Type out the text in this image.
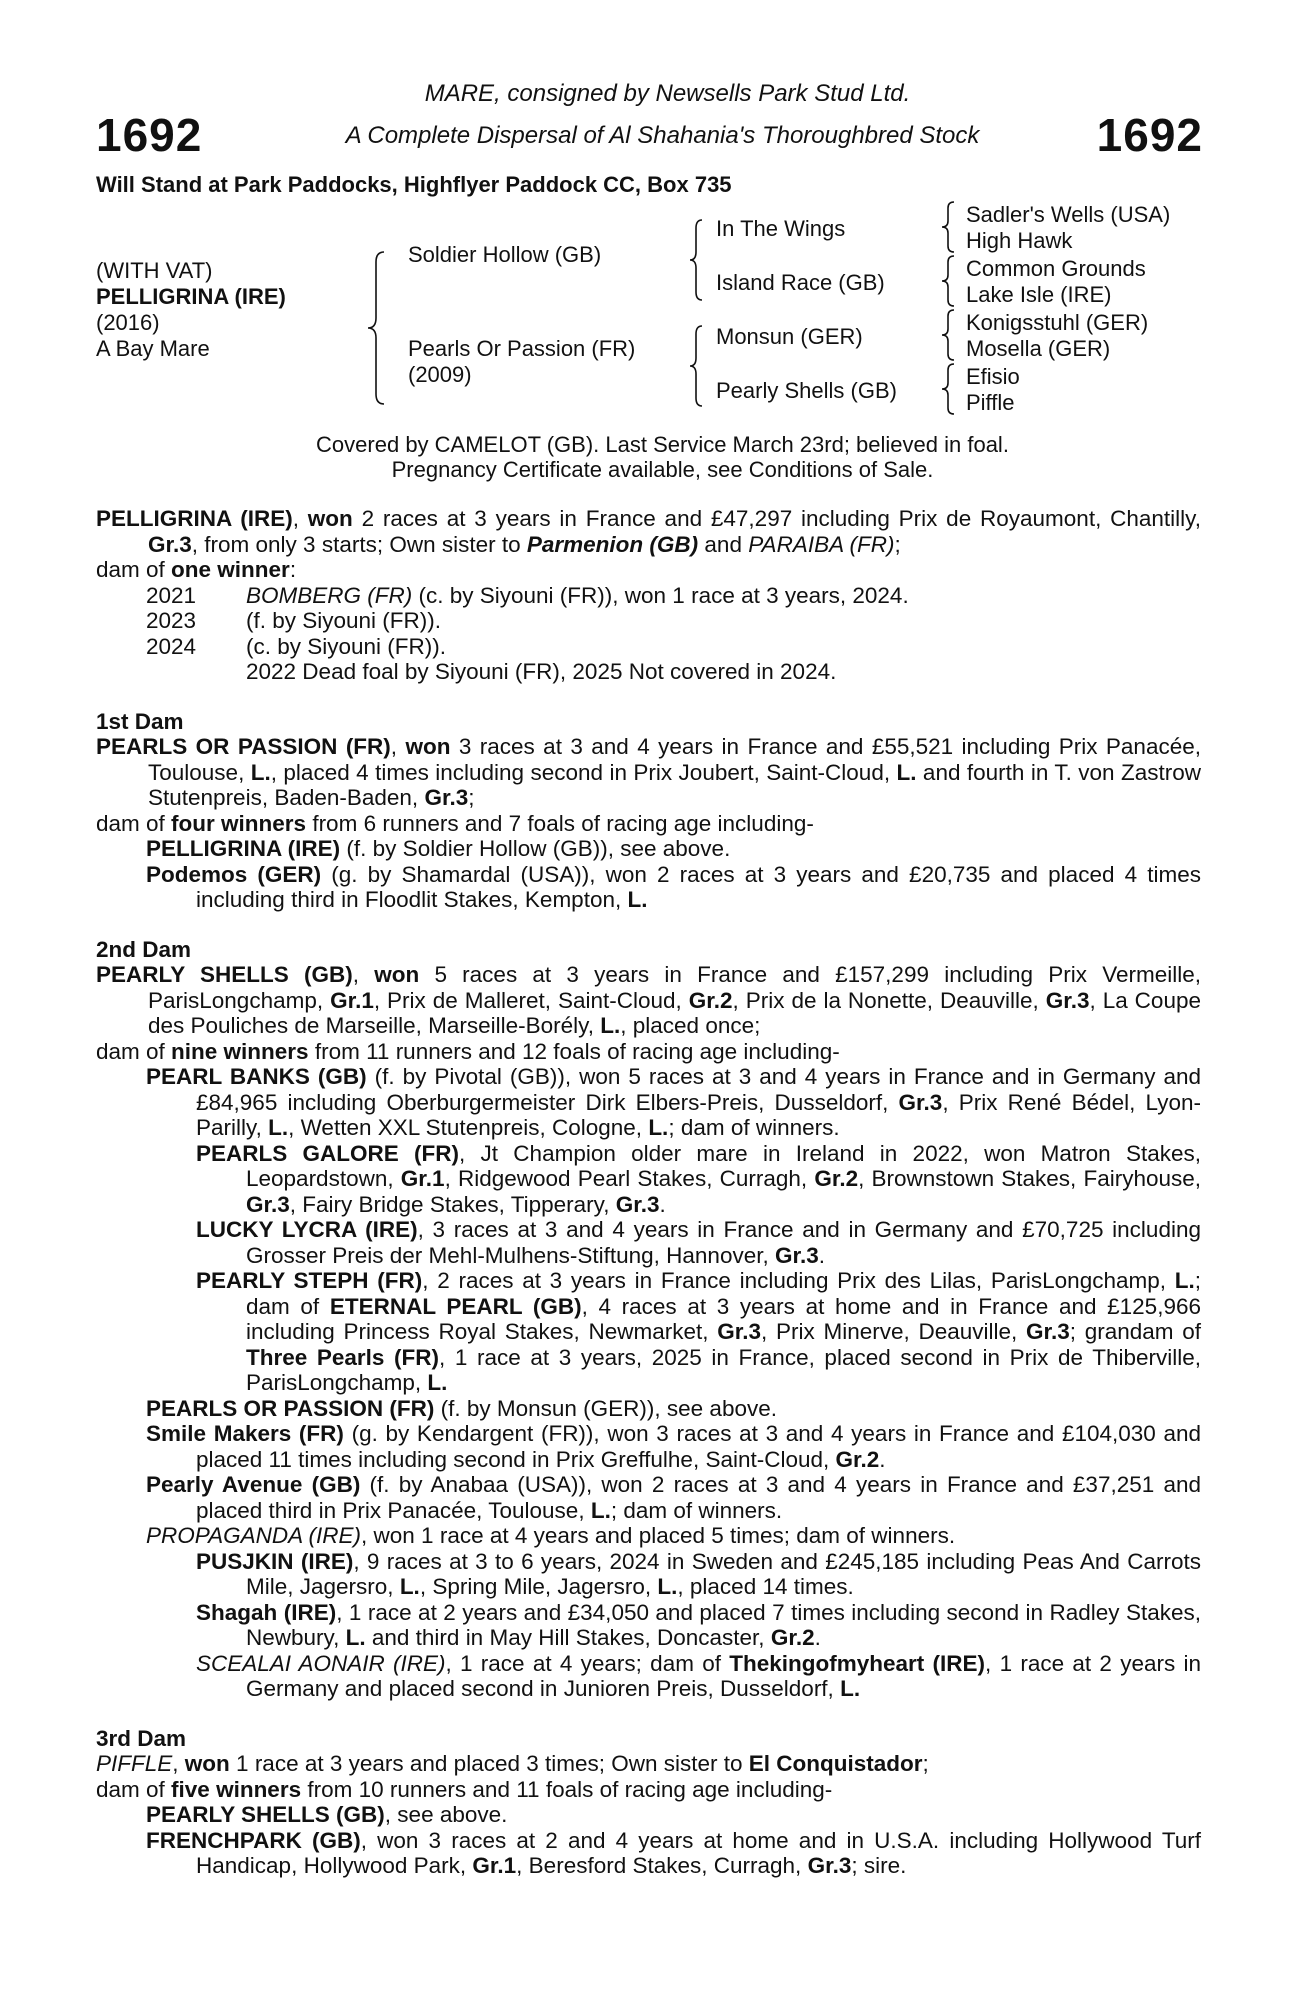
1692	1692
MARE, consigned by Newsells Park Stud Ltd.
A Complete Dispersal of Al Shahania's Thoroughbred Stock
Will Stand at Park Paddocks, Highflyer Paddock CC, Box 735
(WITH VAT)
PELLIGRINA (IRE)
(2016)
A Bay Mare
Soldier Hollow (GB)
Pearls Or Passion (FR)
(2009)
In The Wings
Island Race (GB)
Monsun (GER)
Pearly Shells (GB)
Sadler's Wells (USA)
High Hawk
Common Grounds
Lake Isle (IRE)
Konigsstuhl (GER)
Mosella (GER)
Efisio
Piffle
Covered by CAMELOT (GB). Last Service March 23rd; believed in foal.
Pregnancy Certificate available, see Conditions of Sale.

PELLIGRINA (IRE), won 2 races at 3 years in France and £47,297 including Prix de Royaumont, Chantilly, Gr.3, from only 3 starts; Own sister to Parmenion (GB) and PARAIBA (FR);

dam of one winner:

2021	BOMBERG (FR) (c. by Siyouni (FR)), won 1 race at 3 years, 2024.
2023	(f. by Siyouni (FR)).
2024	(c. by Siyouni (FR)).
2022 Dead foal by Siyouni (FR), 2025 Not covered in 2024.

1st Dam

PEARLS OR PASSION (FR), won 3 races at 3 and 4 years in France and £55,521 including Prix Panacée, Toulouse, L., placed 4 times including second in Prix Joubert, Saint-Cloud, L. and fourth in T. von Zastrow Stutenpreis, Baden-Baden, Gr.3;

dam of four winners from 6 runners and 7 foals of racing age including-

PELLIGRINA (IRE) (f. by Soldier Hollow (GB)), see above.

Podemos (GER) (g. by Shamardal (USA)), won 2 races at 3 years and £20,735 and placed 4 times including third in Floodlit Stakes, Kempton, L.

2nd Dam

PEARLY SHELLS (GB), won 5 races at 3 years in France and £157,299 including Prix Vermeille, ParisLongchamp, Gr.1, Prix de Malleret, Saint-Cloud, Gr.2, Prix de la Nonette, Deauville, Gr.3, La Coupe des Pouliches de Marseille, Marseille-Borély, L., placed once;

dam of nine winners from 11 runners and 12 foals of racing age including-

PEARL BANKS (GB) (f. by Pivotal (GB)), won 5 races at 3 and 4 years in France and in Germany and £84,965 including Oberburgermeister Dirk Elbers-Preis, Dusseldorf, Gr.3, Prix René Bédel, Lyon-Parilly, L., Wetten XXL Stutenpreis, Cologne, L.; dam of winners.

PEARLS GALORE (FR), Jt Champion older mare in Ireland in 2022, won Matron Stakes, Leopardstown, Gr.1, Ridgewood Pearl Stakes, Curragh, Gr.2, Brownstown Stakes, Fairyhouse, Gr.3, Fairy Bridge Stakes, Tipperary, Gr.3.

LUCKY LYCRA (IRE), 3 races at 3 and 4 years in France and in Germany and £70,725 including Grosser Preis der Mehl-Mulhens-Stiftung, Hannover, Gr.3.

PEARLY STEPH (FR), 2 races at 3 years in France including Prix des Lilas, ParisLongchamp, L.; dam of ETERNAL PEARL (GB), 4 races at 3 years at home and in France and £125,966 including Princess Royal Stakes, Newmarket, Gr.3, Prix Minerve, Deauville, Gr.3; grandam of Three Pearls (FR), 1 race at 3 years, 2025 in France, placed second in Prix de Thiberville, ParisLongchamp, L.

PEARLS OR PASSION (FR) (f. by Monsun (GER)), see above.

Smile Makers (FR) (g. by Kendargent (FR)), won 3 races at 3 and 4 years in France and £104,030 and placed 11 times including second in Prix Greffulhe, Saint-Cloud, Gr.2.

Pearly Avenue (GB) (f. by Anabaa (USA)), won 2 races at 3 and 4 years in France and £37,251 and placed third in Prix Panacée, Toulouse, L.; dam of winners.

PROPAGANDA (IRE), won 1 race at 4 years and placed 5 times; dam of winners.

PUSJKIN (IRE), 9 races at 3 to 6 years, 2024 in Sweden and £245,185 including Peas And Carrots Mile, Jagersro, L., Spring Mile, Jagersro, L., placed 14 times.

Shagah (IRE), 1 race at 2 years and £34,050 and placed 7 times including second in Radley Stakes, Newbury, L. and third in May Hill Stakes, Doncaster, Gr.2.

SCEALAI AONAIR (IRE), 1 race at 4 years; dam of Thekingofmyheart (IRE), 1 race at 2 years in Germany and placed second in Junioren Preis, Dusseldorf, L.

3rd Dam

PIFFLE, won 1 race at 3 years and placed 3 times; Own sister to El Conquistador;

dam of five winners from 10 runners and 11 foals of racing age including-

PEARLY SHELLS (GB), see above.

FRENCHPARK (GB), won 3 races at 2 and 4 years at home and in U.S.A. including Hollywood Turf Handicap, Hollywood Park, Gr.1, Beresford Stakes, Curragh, Gr.3; sire.
